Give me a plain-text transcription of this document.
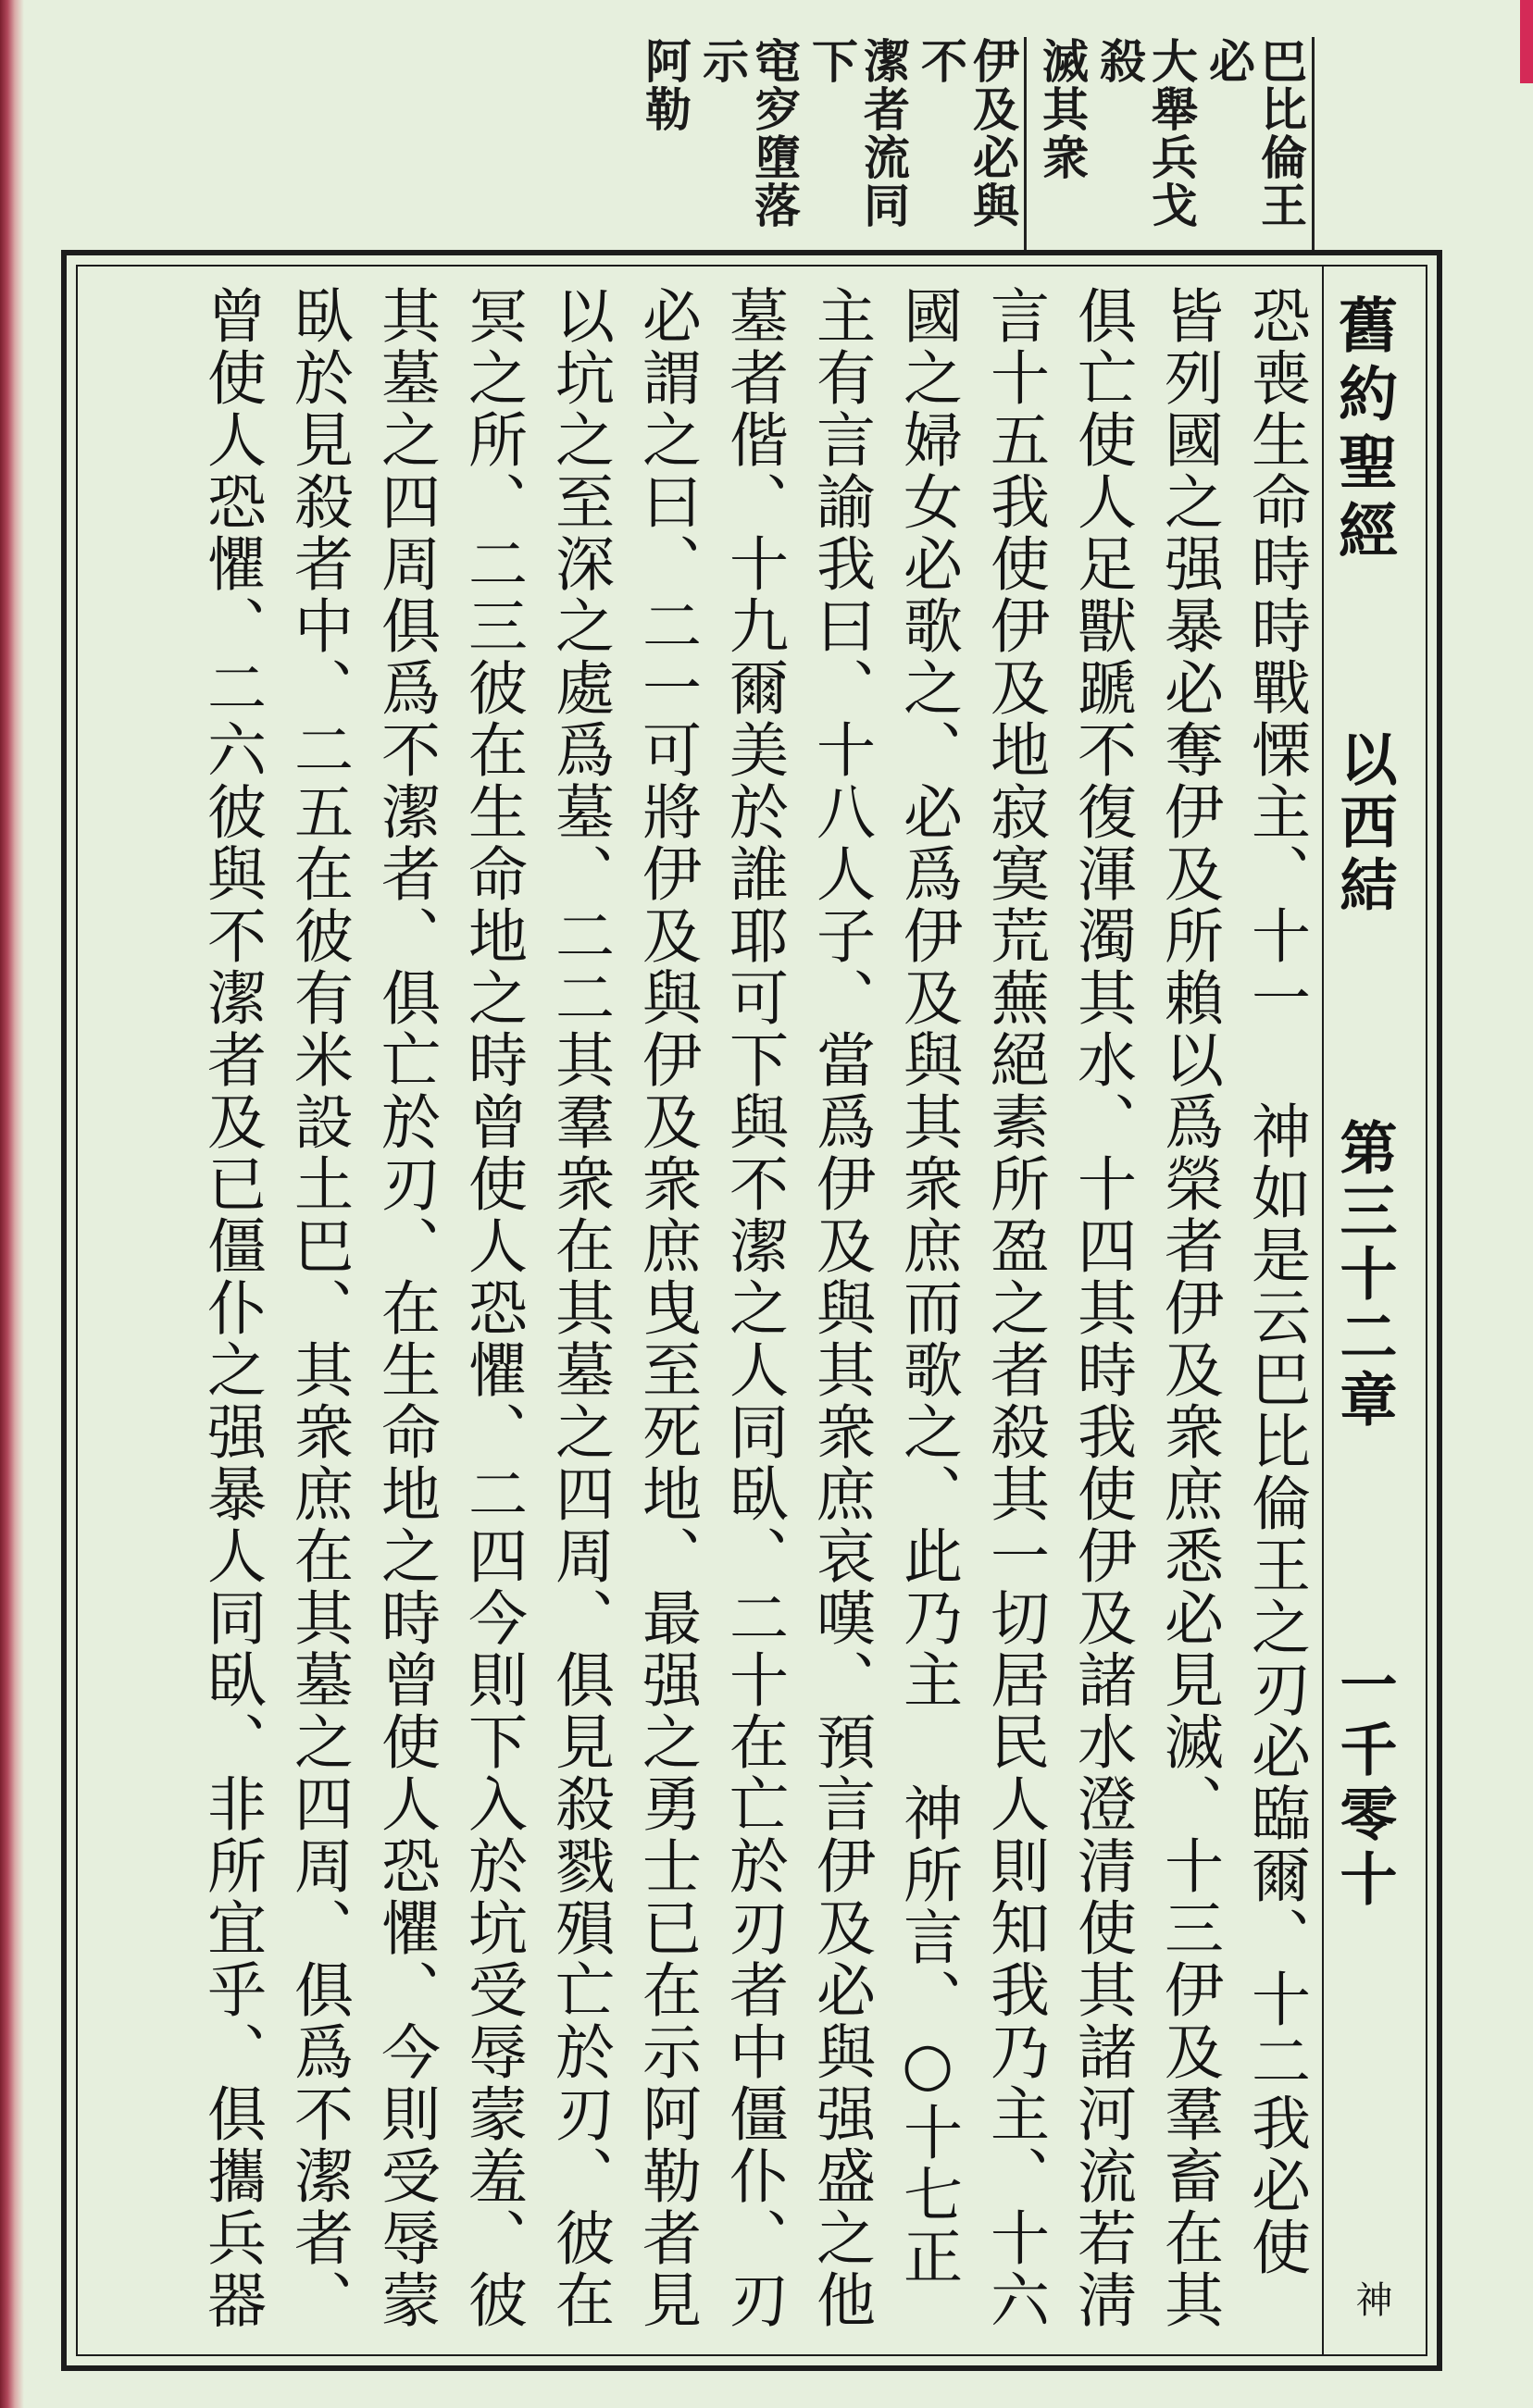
巴比倫王必
大舉兵戈殺
滅其衆
伊及必與不
潔者流同下
窀穸墮落示
阿勒
舊約聖經
以西結
第三十二章
一千零十
神
恐喪生命時時戰慄主、十一 神如是云巴比倫王之刃必臨爾、十二我必使
皆列國之强暴必奪伊及所賴以爲榮者伊及衆庶悉必見滅、十三伊及羣畜在其
俱亡使人足獸蹏不復渾濁其水、十四其時我使伊及諸水澄清使其諸河流若淸
言十五我使伊及地寂寞荒蕪絕素所盈之者殺其一切居民人則知我乃主、十六
國之婦女必歌之、必爲伊及與其衆庶而歌之、此乃主 神所言、○十七正
主有言諭我曰、十八人子、當爲伊及與其衆庶哀嘆、預言伊及必與强盛之他
墓者偕、十九爾美於誰耶可下與不潔之人同臥、二十在亡於刃者中僵仆、刃
必謂之曰、二一可將伊及與伊及衆庶曳至死地、最强之勇士已在示阿勒者見
以坑之至深之處爲墓、二二其羣衆在其墓之四周、俱見殺戮殞亡於刃、彼在
冥之所、二三彼在生命地之時曾使人恐懼、二四今則下入於坑受辱蒙羞、彼
其墓之四周俱爲不潔者、俱亡於刃、在生命地之時曾使人恐懼、今則受辱蒙
臥於見殺者中、二五在彼有米設土巴、其衆庶在其墓之四周、俱爲不潔者、
曾使人恐懼、二六彼與不潔者及已僵仆之强暴人同臥、非所宜乎、俱攜兵器
